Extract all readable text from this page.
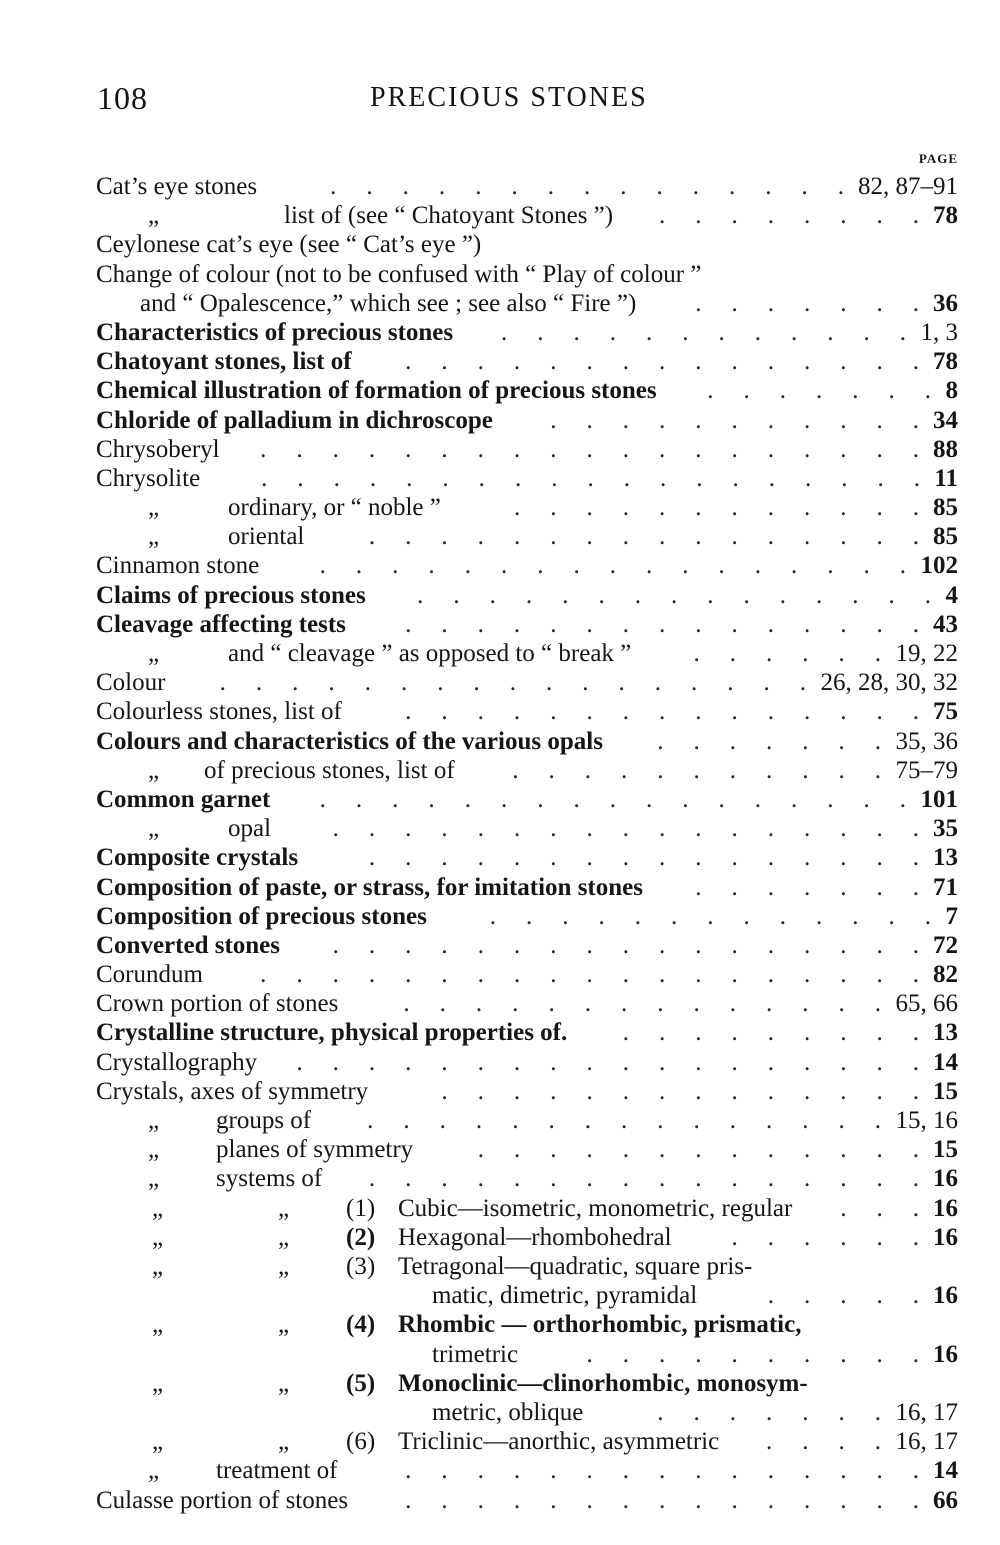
108	PRECIOUS STONES
PAGE
Cat’s eye stones	82, 87–91
.  .  .  .  .  .  .  .  .  .  .  .  .  .  .
„	list of (see “ Chatoyant Stones ”)	78
.  .  .  .  .  .  .  .
Ceylonese cat’s eye (see “ Cat’s eye ”)
Change of colour (not to be confused with “ Play of colour ”
and “ Opalescence,” which see ; see also “ Fire ”)	36
.  .  .  .  .  .  .
Characteristics of precious stones	1, 3
.  .  .  .  .  .  .  .  .  .  .  .
Chatoyant stones, list of	78
.  .  .  .  .  .  .  .  .  .  .  .  .  .  .
Chemical illustration of formation of precious stones	8
.  .  .  .  .  .  .
Chloride of palladium in dichroscope	34
.  .  .  .  .  .  .  .  .  .  .
Chrysoberyl	88
.  .  .  .  .  .  .  .  .  .  .  .  .  .  .  .  .  .  .
Chrysolite	11
.  .  .  .  .  .  .  .  .  .  .  .  .  .  .  .  .  .  .
„	ordinary, or “ noble ”	85
.  .  .  .  .  .  .  .  .  .  .  .
„	oriental	85
.  .  .  .  .  .  .  .  .  .  .  .  .  .  .  .
Cinnamon stone	102
.  .  .  .  .  .  .  .  .  .  .  .  .  .  .  .  .
Claims of precious stones	4
.  .  .  .  .  .  .  .  .  .  .  .  .  .  .
Cleavage affecting tests	43
.  .  .  .  .  .  .  .  .  .  .  .  .  .  .
„	and “ cleavage ” as opposed to “ break ”	19, 22
.  .  .  .  .  .
Colour	26, 28, 30, 32
.  .  .  .  .  .  .  .  .  .  .  .  .  .  .  .  .
Colourless stones, list of	75
.  .  .  .  .  .  .  .  .  .  .  .  .  .  .
Colours and characteristics of the various opals	35, 36
.  .  .  .  .  .  .
„ of precious stones, list of	75–79
.  .  .  .  .  .  .  .  .  .  .
Common garnet	101
.  .  .  .  .  .  .  .  .  .  .  .  .  .  .  .  .
„	opal	35
.  .  .  .  .  .  .  .  .  .  .  .  .  .  .  .  .
Composite crystals	13
.  .  .  .  .  .  .  .  .  .  .  .  .  .  .  .
Composition of paste, or strass, for imitation stones	71
.  .  .  .  .  .  .
Composition of precious stones	7
.  .  .  .  .  .  .  .  .  .  .  .  .
Converted stones	72
.  .  .  .  .  .  .  .  .  .  .  .  .  .  .  .  .
Corundum	82
.  .  .  .  .  .  .  .  .  .  .  .  .  .  .  .  .  .  .
Crown portion of stones	65, 66
.  .  .  .  .  .  .  .  .  .  .  .  .  .
Crystalline structure, physical properties of.	13
.  .  .  .  .  .  .  .  .
Crystallography	14
.  .  .  .  .  .  .  .  .  .  .  .  .  .  .  .  .  .
Crystals, axes of symmetry	15
.  .  .  .  .  .  .  .  .  .  .  .  .  .
„ groups of	15, 16
.  .  .  .  .  .  .  .  .  .  .  .  .  .  .
„ planes of symmetry	15
.  .  .  .  .  .  .  .  .  .  .  .  .
„ systems of	16
.  .  .  .  .  .  .  .  .  .  .  .  .  .  .  .
„	„ (1) Cubic—isometric, monometric, regular	16
.  .  .
„	„ (2) Hexagonal—rhombohedral	16
.  .  .  .  .  .
„	„ (3) Tetragonal—quadratic, square pris-
matic, dimetric, pyramidal	16
.  .  .  .  .
„	„ (4) Rhombic — orthorhombic, prismatic,
trimetric	16
.  .  .  .  .  .  .  .  .  .
„	„ (5) Monoclinic—clinorhombic, monosym-
metric, oblique	16, 17
.  .  .  .  .  .  .
„	„ (6) Triclinic—anorthic, asymmetric	16, 17
.  .  .  .
„ treatment of	14
.  .  .  .  .  .  .  .  .  .  .  .  .  .  .
Culasse portion of stones	66
.  .  .  .  .  .  .  .  .  .  .  .  .  .  .
